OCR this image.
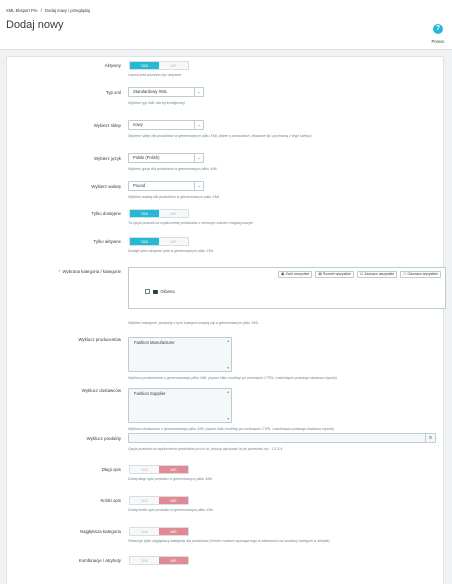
XML Eksport Pro / Dodaj nowy / przeglądaj
Dodaj nowy	?
Pomoc
Aktywny	TAK	NIE
Usuwa jeśli powinno być aktywne
Typ xml	Standardowy XML	⌄
Wybierz typ XML dla tej konfiguracji
Wybierz sklep	nowy	⌄
Wybierz sklep dla produktów w generowanym pliku XML (dane o produktach, dostawie itp. pochodzą z tego sklepu)
Wybierz język	Polski (Polish)	⌄
Wybierz język dla produktów w generowanym pliku XML
Wybierz walutę	Pound	⌄
Wybierz walutę dla produktów w generowanym pliku XML
Tylko dostępne	TAK	NIE
Ta opcja pozwoli na wykluczenie produktów z zerowym stanem magazynowym
Tylko aktywne	TAK	NIE
Dodaje tylko aktywne pola w generowanym pliku XML
* Wybrana kategoria / kategorie	▣Zwiń wszystkie	▤Rozwiń wszystkie	☑Zaznacz wszystkie	☐Odznacz wszystkie
Główna
Wybierz kategorie, produkty z tych kategorii znajdą się w generowanym pliku XML
Wyklucz producentów
Fashion Manufacturer	▲
▼
Wyklucz producentów z generowanego pliku XML (wybór kilku możliwy po wciśnięciu CTRL i naciśnięciu prawego klawisza myszki)
Wyklucz dostawców
Fashion Supplier	▲
▼
Wyklucz dostawców z generowanego pliku XML (wybór kilku możliwy po wciśnięciu CTRL i naciśnięciu prawego klawisza myszki)
Wyklucz produkty	⚙
Opcja pozwala na wykluczenie produktów po ich id, proszę wpisywać id po przecinku np.: 1,2,3,4
Długi opis	TAK	NIE
Dodaj długi opis produktu w generowanym pliku XML
Krótki opis	TAK	NIE
Dodaj krótki opis produktu w generowanym pliku XML
Najgłębsza kategoria	TAK	NIE
Pokazuje tylko najgłębszą kategorię dla produktów (Ceneo czasem wymaga tego w zależności od struktury kategorii w sklepie)
Kombinacje / atrybuty	TAK	NIE
